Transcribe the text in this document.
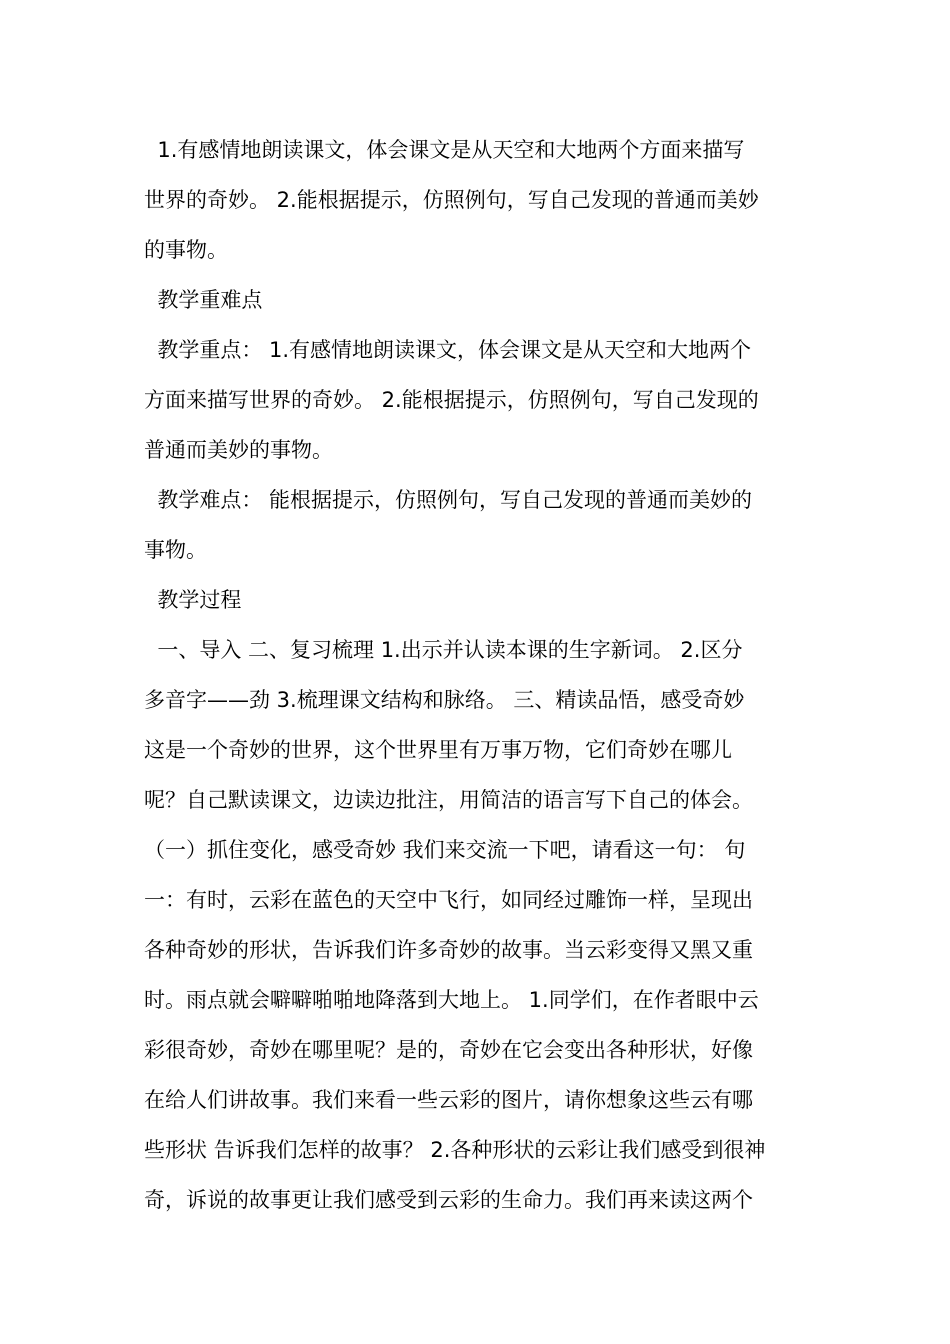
1.有感情地朗读课文，体会课文是从天空和大地两个方面来描写
世界的奇妙。 2.能根据提示，仿照例句，写自己发现的普通而美妙
的事物。
教学重难点
教学重点： 1.有感情地朗读课文，体会课文是从天空和大地两个
方面来描写世界的奇妙。 2.能根据提示，仿照例句，写自己发现的
普通而美妙的事物。
教学难点： 能根据提示，仿照例句，写自己发现的普通而美妙的
事物。
教学过程
一、导入 二、复习梳理 1.出示并认读本课的生字新词。 2.区分
多音字——劲 3.梳理课文结构和脉络。 三、精读品悟，感受奇妙
这是一个奇妙的世界，这个世界里有万事万物，它们奇妙在哪儿
呢？自己默读课文，边读边批注，用简洁的语言写下自己的体会。
（一）抓住变化，感受奇妙 我们来交流一下吧，请看这一句： 句
一：有时，云彩在蓝色的天空中飞行，如同经过雕饰一样，呈现出
各种奇妙的形状，告诉我们许多奇妙的故事。当云彩变得又黑又重
时。雨点就会噼噼啪啪地降落到大地上。 1.同学们，在作者眼中云
彩很奇妙，奇妙在哪里呢？是的，奇妙在它会变出各种形状，好像
在给人们讲故事。我们来看一些云彩的图片，请你想象这些云有哪
些形状 告诉我们怎样的故事？ 2.各种形状的云彩让我们感受到很神
奇，诉说的故事更让我们感受到云彩的生命力。我们再来读这两个
